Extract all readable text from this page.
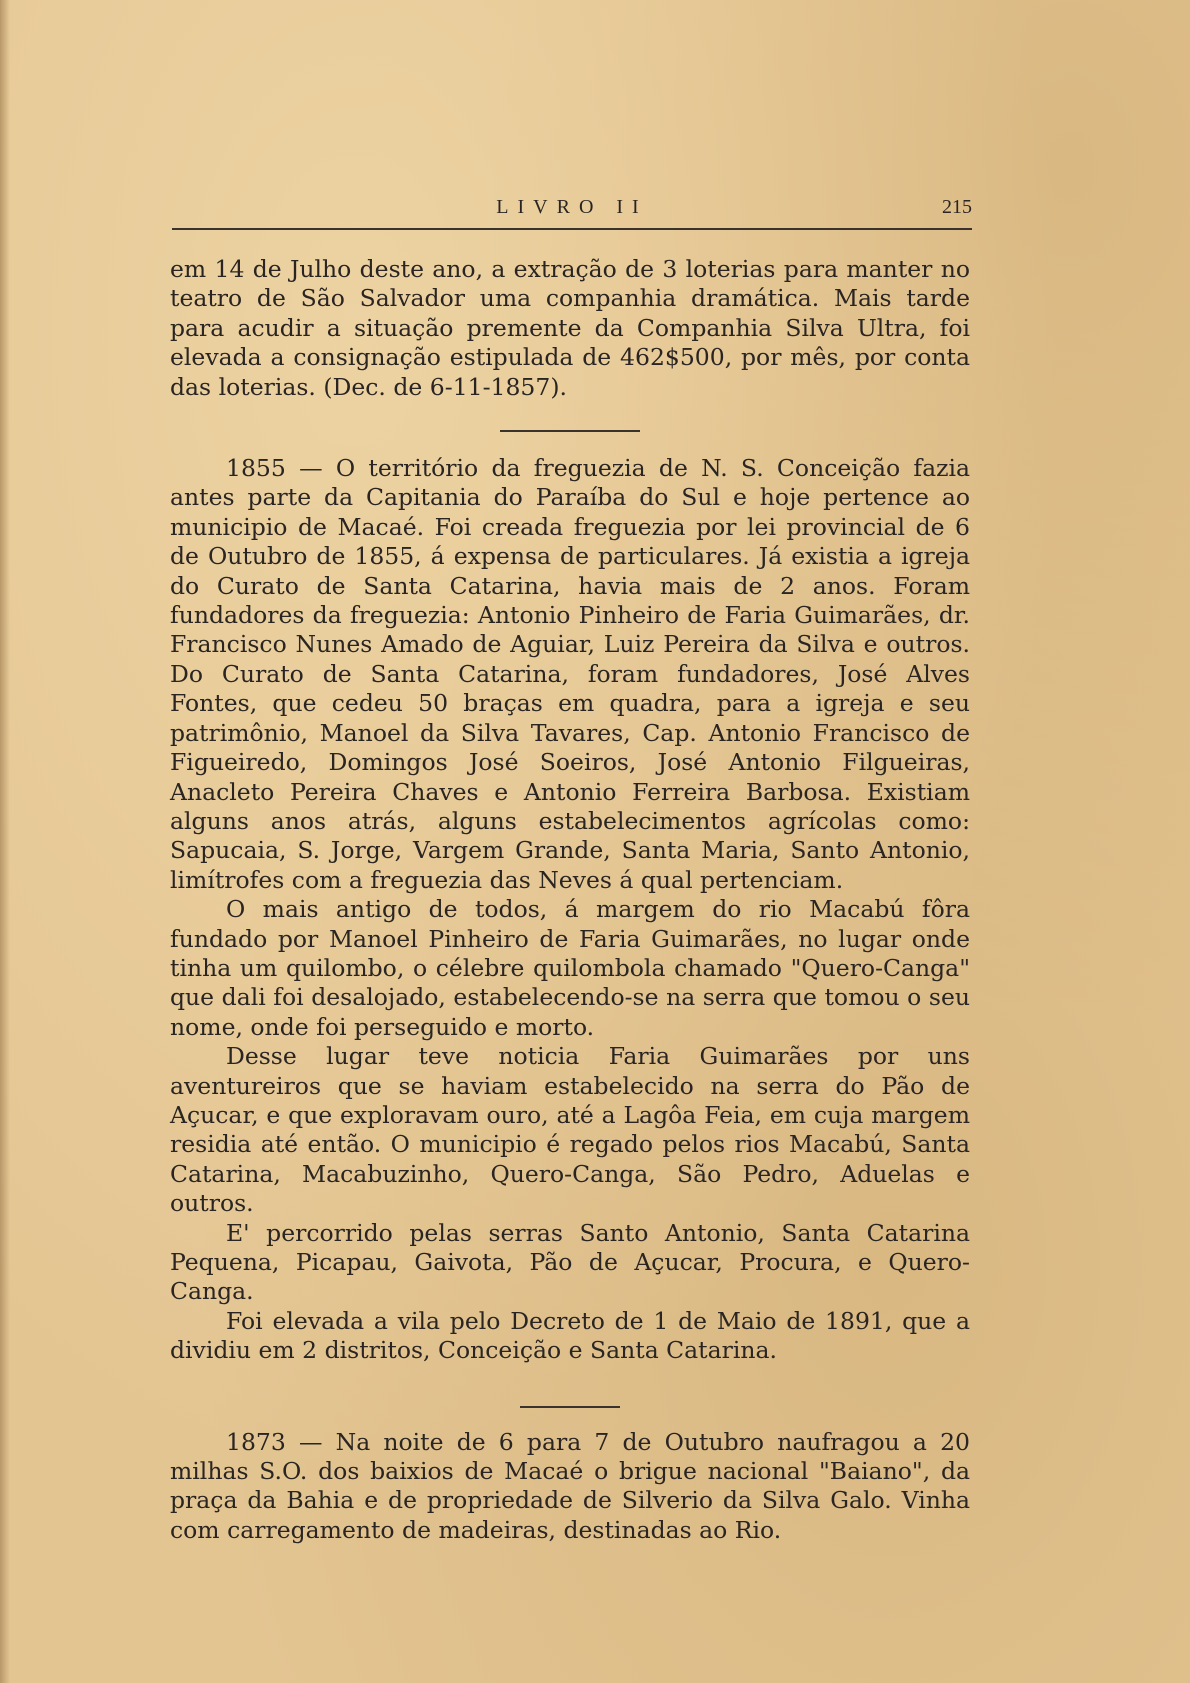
LIVRO II	215

em 14 de Julho deste ano, a extração de 3 loterias para manter no teatro de São Salvador uma companhia dramática. Mais tarde para acudir a situação premente da Companhia Silva Ultra, foi elevada a consignação estipulada de 462$500, por mês, por conta das loterias. (Dec. de 6-11-1857).

1855 — O território da freguezia de N. S. Conceição fazia antes parte da Capitania do Paraíba do Sul e hoje pertence ao municipio de Macaé. Foi creada freguezia por lei provincial de 6 de Outubro de 1855, á expensa de particulares. Já existia a igreja do Curato de Santa Catarina, havia mais de 2 anos. Foram fundadores da freguezia: Antonio Pinheiro de Faria Guimarães, dr. Francisco Nunes Amado de Aguiar, Luiz Pereira da Silva e outros. Do Curato de Santa Catarina, foram fundadores, José Alves Fontes, que cedeu 50 braças em quadra, para a igreja e seu patrimônio, Manoel da Silva Tavares, Cap. Antonio Francisco de Figueiredo, Domingos José Soeiros, José Antonio Filgueiras, Anacleto Pereira Chaves e Antonio Ferreira Barbosa. Existiam alguns anos atrás, alguns estabelecimentos agrícolas como: Sapucaia, S. Jorge, Vargem Grande, Santa Maria, Santo Antonio, limítrofes com a freguezia das Neves á qual pertenciam.

O mais antigo de todos, á margem do rio Macabú fôra fundado por Manoel Pinheiro de Faria Guimarães, no lugar onde tinha um quilombo, o célebre quilombola chamado "Quero-Canga" que dali foi desalojado, estabelecendo-se na serra que tomou o seu nome, onde foi perseguido e morto.

Desse lugar teve noticia Faria Guimarães por uns aventureiros que se haviam estabelecido na serra do Pão de Açucar, e que exploravam ouro, até a Lagôa Feia, em cuja margem residia até então. O municipio é regado pelos rios Macabú, Santa Catarina, Macabuzinho, Quero-Canga, São Pedro, Aduelas e outros.

E' percorrido pelas serras Santo Antonio, Santa Catarina Pequena, Picapau, Gaivota, Pão de Açucar, Procura, e Quero-Canga.

Foi elevada a vila pelo Decreto de 1 de Maio de 1891, que a dividiu em 2 distritos, Conceição e Santa Catarina.

1873 — Na noite de 6 para 7 de Outubro naufragou a 20 milhas S.O. dos baixios de Macaé o brigue nacional "Baiano", da praça da Bahia e de propriedade de Silverio da Silva Galo. Vinha com carregamento de madeiras, destinadas ao Rio.
